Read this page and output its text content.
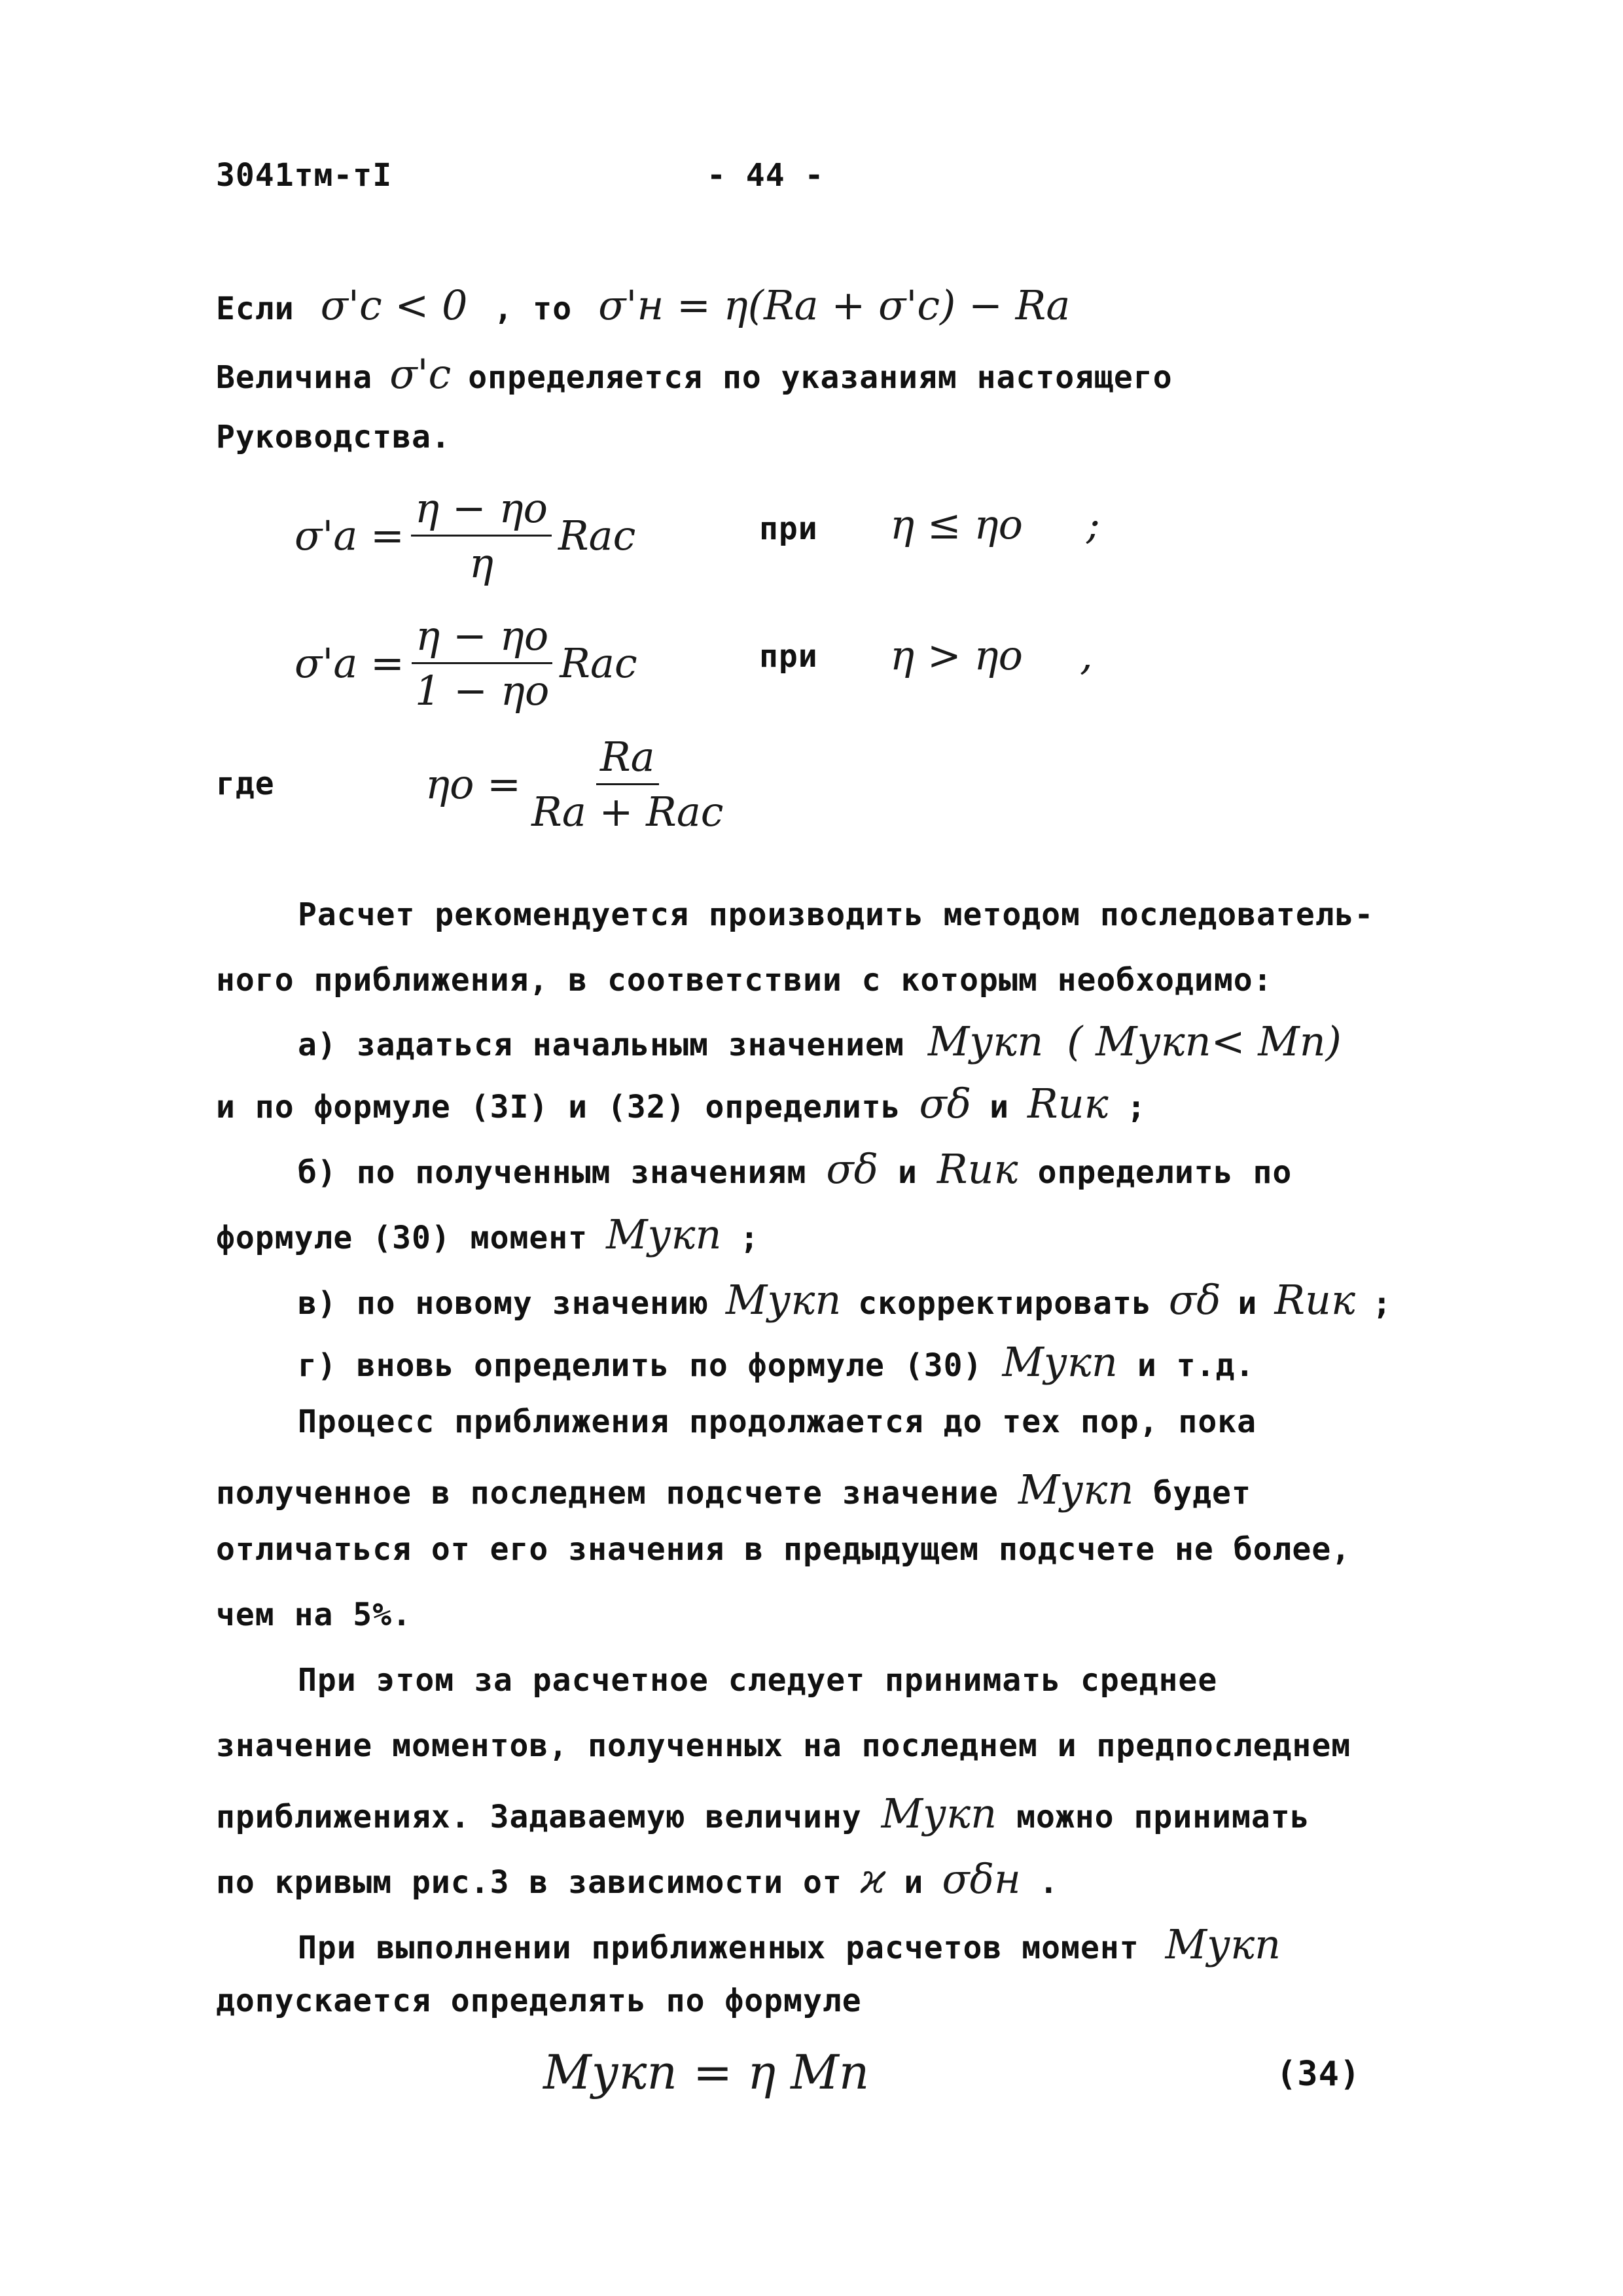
3041тм-тI	- 44 -
Если σ'с < 0 , то σ'н = η(Rа + σ'с) − Rа
Величина σ'с определяется по указаниям настоящего
Руководства.
$\sigma'а = \frac{\eta - \eta о}{\eta}$ Rас	при η ≤ ηо ;
$\sigma'а = \frac{\eta - \eta о}{1 - \eta о}$ Rас	при η > ηо ,
где	$\eta о = \frac{Rа}{\text{Rа + Rас}}$
Расчет рекомендуется производить методом последователь-
ного приближения, в соответствии с которым необходимо:
а) задаться начальным значением Mукп ( Mукп< Mп)
и по формуле (3I) и (32) определить σδ и Ruк ;
б) по полученным значениям σδ и Ruк определить по
формуле (30) момент Mукп ;
в) по новому значению Mукп скорректировать σδ и Ruк ;
г) вновь определить по формуле (30) Mукп и т.д.
Процесс приближения продолжается до тех пор, пока
полученное в последнем подсчете значение Mукп будет
отличаться от его значения в предыдущем подсчете не более,
чем на 5%.
При этом за расчетное следует принимать среднее
значение моментов, полученных на последнем и предпоследнем
приближениях. Задаваемую величину Mукп можно принимать
по кривым рис.3 в зависимости от ϰ и σδн .
При выполнении приближенных расчетов момент Mукп
допускается определять по формуле
Mукп = η Mп	(34)
